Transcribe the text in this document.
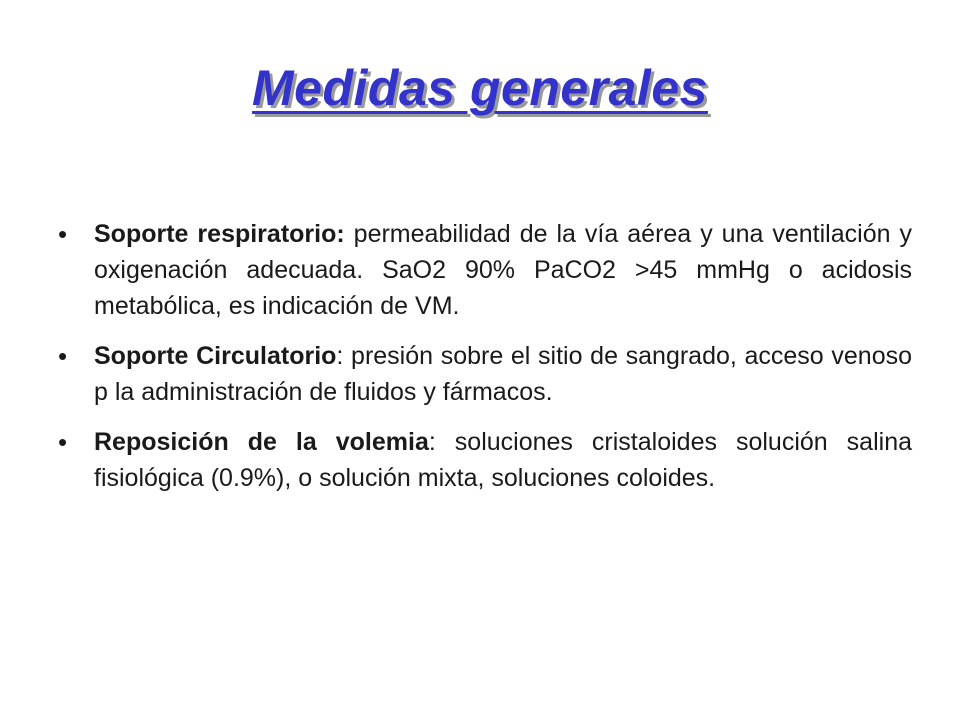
Medidas generales
• Soporte respiratorio: permeabilidad de la vía aérea y una ventilación y oxigenación adecuada. SaO2 90% PaCO2 >45 mmHg o acidosis metabólica, es indicación de VM.
• Soporte Circulatorio: presión sobre el sitio de sangrado, acceso venoso p la administración de fluidos y fármacos.
• Reposición de la volemia: soluciones cristaloides solución salina fisiológica (0.9%), o solución mixta, soluciones coloides.
